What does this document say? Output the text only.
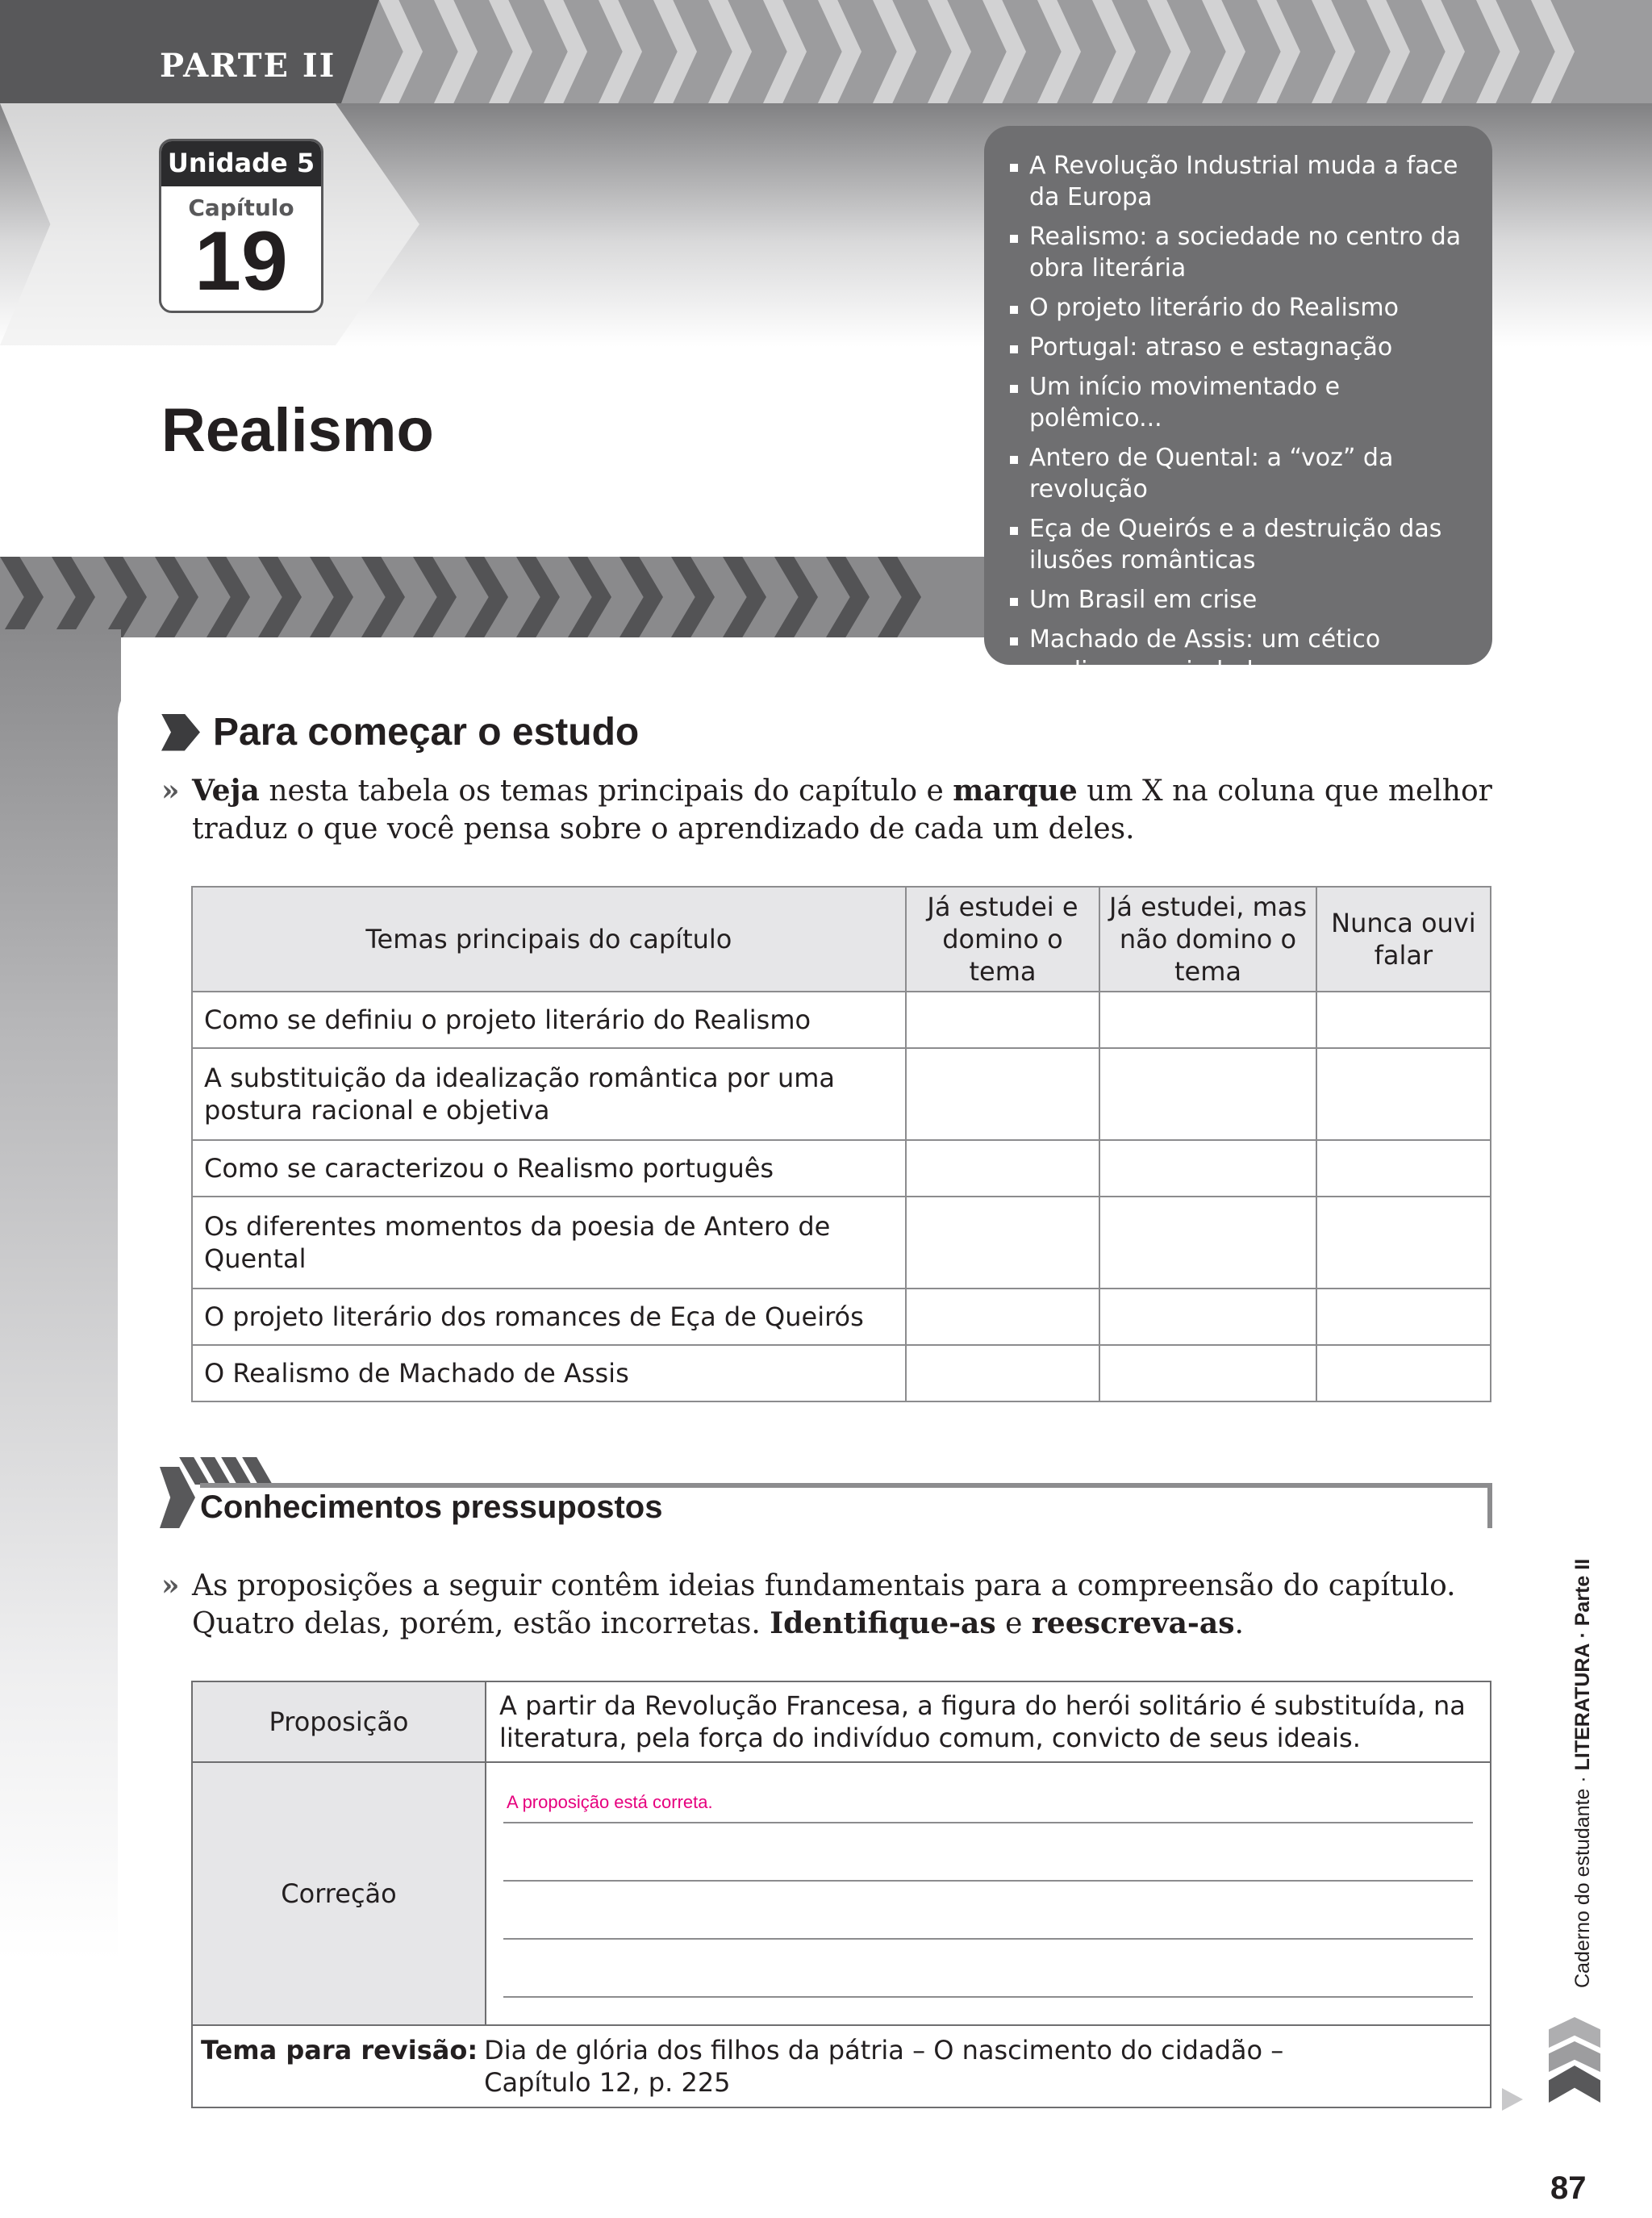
PARTE II
Unidade 5
Capítulo
19
Realismo
A Revolução Industrial muda a face da Europa
Realismo: a sociedade no centro da obra literária
O projeto literário do Realismo
Portugal: atraso e estagnação
Um início movimentado e polêmico...
Antero de Quental: a “voz” da revolução
Eça de Queirós e a destruição das ilusões românticas
Um Brasil em crise
Machado de Assis: um cético analisa a sociedade
Para começar o estudo
» Veja nesta tabela os temas principais do capítulo e marque um X na coluna que melhor traduz o que você pensa sobre o aprendizado de cada um deles.
Temas principais do capítulo	Já estudei e domino o tema	Já estudei, mas não domino o tema	Nunca ouvi falar
Como se definiu o projeto literário do Realismo			
A substituição da idealização romântica por uma postura racional e objetiva			
Como se caracterizou o Realismo português			
Os diferentes momentos da poesia de Antero de Quental			
O projeto literário dos romances de Eça de Queirós			
O Realismo de Machado de Assis			
Conhecimentos pressupostos
» As proposições a seguir contêm ideias fundamentais para a compreensão do capítulo. Quatro delas, porém, estão incorretas. Identifique-as e reescreva-as.
Proposição	A partir da Revolução Francesa, a figura do herói solitário é substituída, na literatura, pela força do indivíduo comum, convicto de seus ideais.
Correção	A proposição está correta.

Tema para revisão: Dia de glória dos filhos da pátria – O nascimento do cidadão –
Capítulo 12, p. 225	
Caderno do estudante · LITERATURA · Parte II
87
